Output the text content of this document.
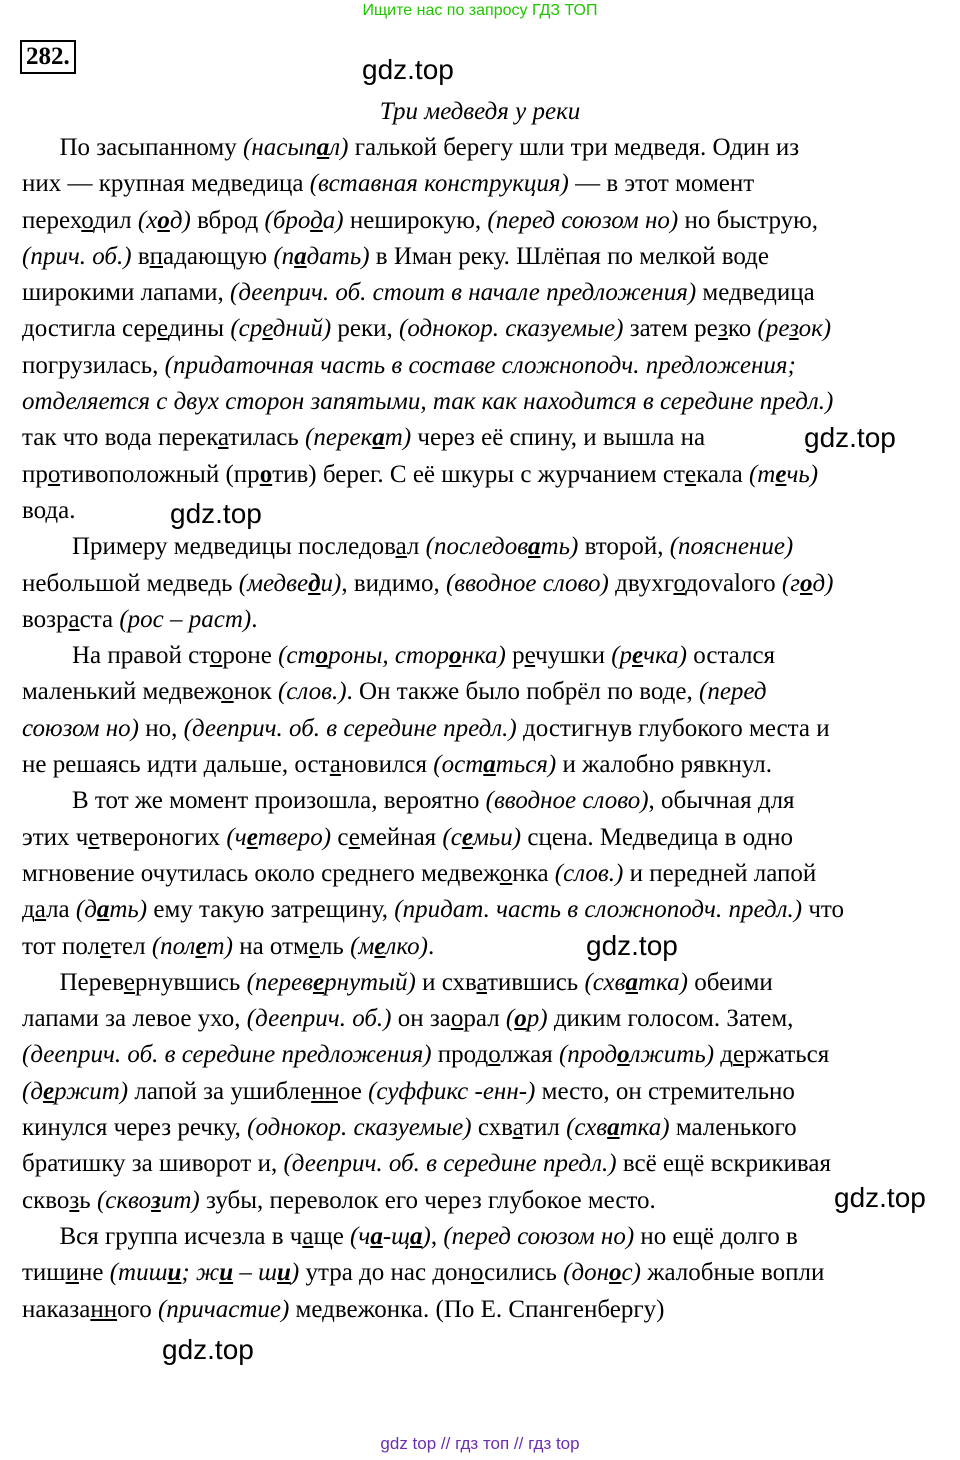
Ищите нас по запросу ГДЗ ТОП
282.	gdz.top
gdz.top
gdz.top
gdz.top
gdz.top
gdz.top
Три медведя у реки
По засыпанному (насыпал) галькой берегу шли три медведя. Один из
них — крупная медведица (вставная конструкция) — в этот момент
переходил (ход) вброд (брода) неширокую, (перед союзом но) но быструю,
(прич. об.) впадающую (падать) в Иман реку. Шлёпая по мелкой воде
широкими лапами, (дееприч. об. стоит в начале предложения) медведица
достигла середины (средний) реки, (однокор. сказуемые) затем резко (резок)
погрузилась, (придаточная часть в составе сложноподч. предложения;
отделяется с двух сторон запятыми, так как находится в середине предл.)
так что вода перекатилась (перекат) через её спину, и вышла на
противоположный (против) берег. С её шкуры с журчанием стекала (течь)
вода.
Примеру медведицы последовал (последовать) второй, (пояснение)
небольшой медведь (медведи), видимо, (вводное слово) двухгодovalого (год)
возраста (рос – раст).
На правой стороне (стороны, сторонка) речушки (речка) остался
маленький медвежонок (слов.). Он также было побрёл по воде, (перед
союзом но) но, (дееприч. об. в середине предл.) достигнув глубокого места и
не решаясь идти дальше, остановился (остаться) и жалобно рявкнул.
В тот же момент произошла, вероятно (вводное слово), обычная для
этих четвероногих (четверо) семейная (семьи) сцена. Медведица в одно
мгновение очутилась около среднего медвежонка (слов.) и передней лапой
дала (дать) ему такую затрещину, (придат. часть в сложноподч. предл.) что
тот полетел (полет) на отмель (мелко).
Перевернувшись (перевернутый) и схватившись (схватка) обеими
лапами за левое ухо, (дееприч. об.) он заорал (ор) диким голосом. Затем,
(дееприч. об. в середине предложения) продолжая (продолжить) держаться
(держит) лапой за ушибленное (суффикс -енн-) место, он стремительно
кинулся через речку, (однокор. сказуемые) схватил (схватка) маленького
братишку за шиворот и, (дееприч. об. в середине предл.) всё ещё вскрикивая
сквозь (сквозит) зубы, переволок его через глубокое место.
Вся группа исчезла в чаще (ча-ща), (перед союзом но) но ещё долго в
тишине (тиши; жи – ши) утра до нас доносились (донос) жалобные вопли
наказанного (причастие) медвежонка. (По Е. Спангенбергу)
gdz top // гдз топ // гдз top
